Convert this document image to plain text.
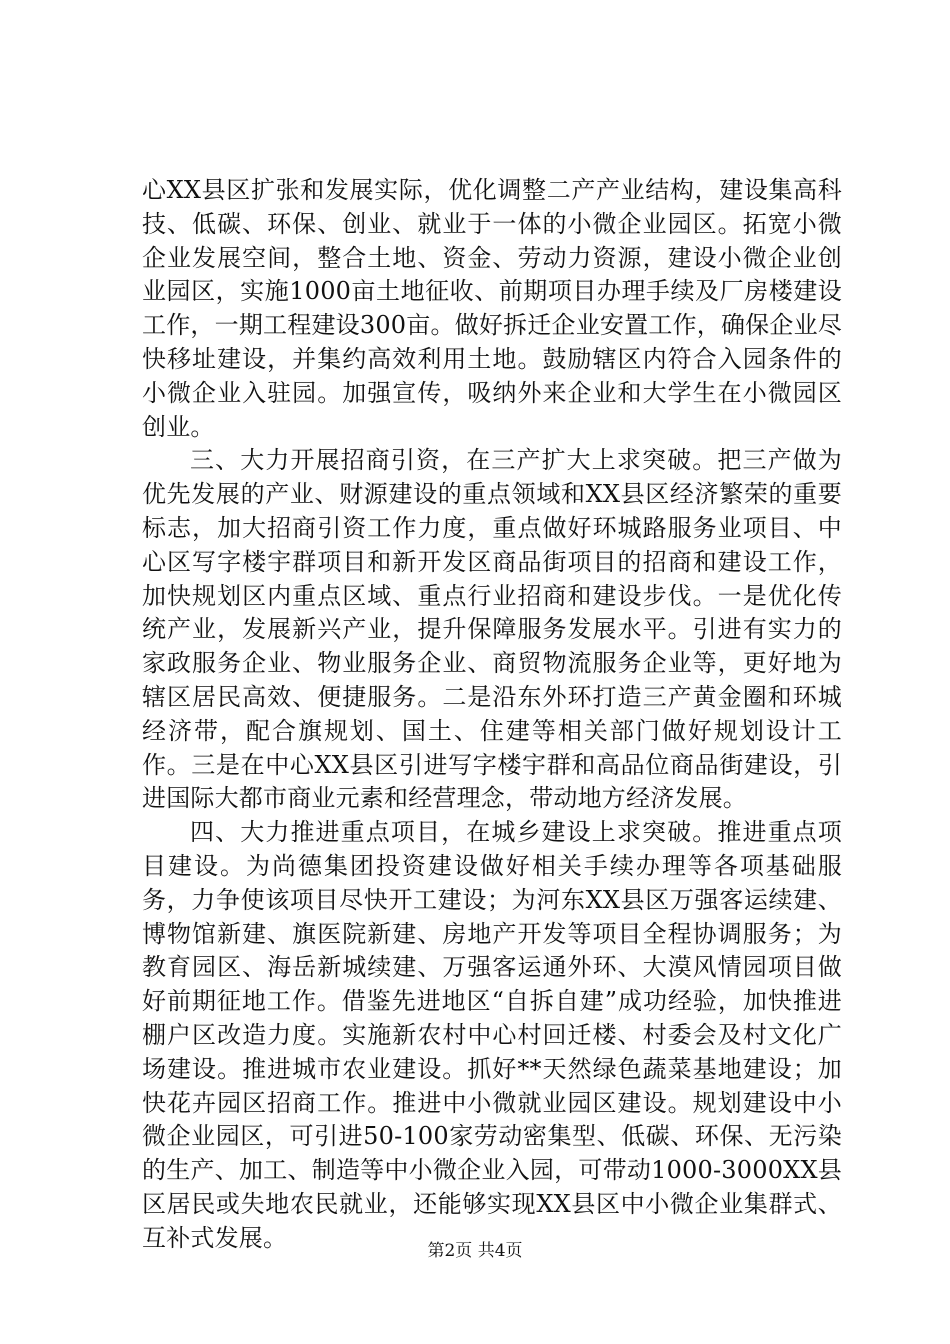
心XX县区扩张和发展实际，优化调整二产产业结构，建设集高科技、低碳、环保、创业、就业于一体的小微企业园区。拓宽小微企业发展空间，整合土地、资金、劳动力资源，建设小微企业创业园区，实施1000亩土地征收、前期项目办理手续及厂房楼建设工作，一期工程建设300亩。做好拆迁企业安置工作，确保企业尽快移址建设，并集约高效利用土地。鼓励辖区内符合入园条件的小微企业入驻园。加强宣传，吸纳外来企业和大学生在小微园区创业。

三、大力开展招商引资，在三产扩大上求突破。把三产做为优先发展的产业、财源建设的重点领域和XX县区经济繁荣的重要标志，加大招商引资工作力度，重点做好环城路服务业项目、中心区写字楼宇群项目和新开发区商品街项目的招商和建设工作，加快规划区内重点区域、重点行业招商和建设步伐。一是优化传统产业，发展新兴产业，提升保障服务发展水平。引进有实力的家政服务企业、物业服务企业、商贸物流服务企业等，更好地为辖区居民高效、便捷服务。二是沿东外环打造三产黄金圈和环城经济带，配合旗规划、国土、住建等相关部门做好规划设计工作。三是在中心XX县区引进写字楼宇群和高品位商品街建设，引进国际大都市商业元素和经营理念，带动地方经济发展。

四、大力推进重点项目，在城乡建设上求突破。推进重点项目建设。为尚德集团投资建设做好相关手续办理等各项基础服务，力争使该项目尽快开工建设；为河东XX县区万强客运续建、博物馆新建、旗医院新建、房地产开发等项目全程协调服务；为教育园区、海岳新城续建、万强客运通外环、大漠风情园项目做好前期征地工作。借鉴先进地区“自拆自建”成功经验，加快推进棚户区改造力度。实施新农村中心村回迁楼、村委会及村文化广场建设。推进城市农业建设。抓好**天然绿色蔬菜基地建设；加快花卉园区招商工作。推进中小微就业园区建设。规划建设中小微企业园区，可引进50-100家劳动密集型、低碳、环保、无污染的生产、加工、制造等中小微企业入园，可带动1000-3000XX县区居民或失地农民就业，还能够实现XX县区中小微企业集群式、互补式发展。	第2页 共4页
